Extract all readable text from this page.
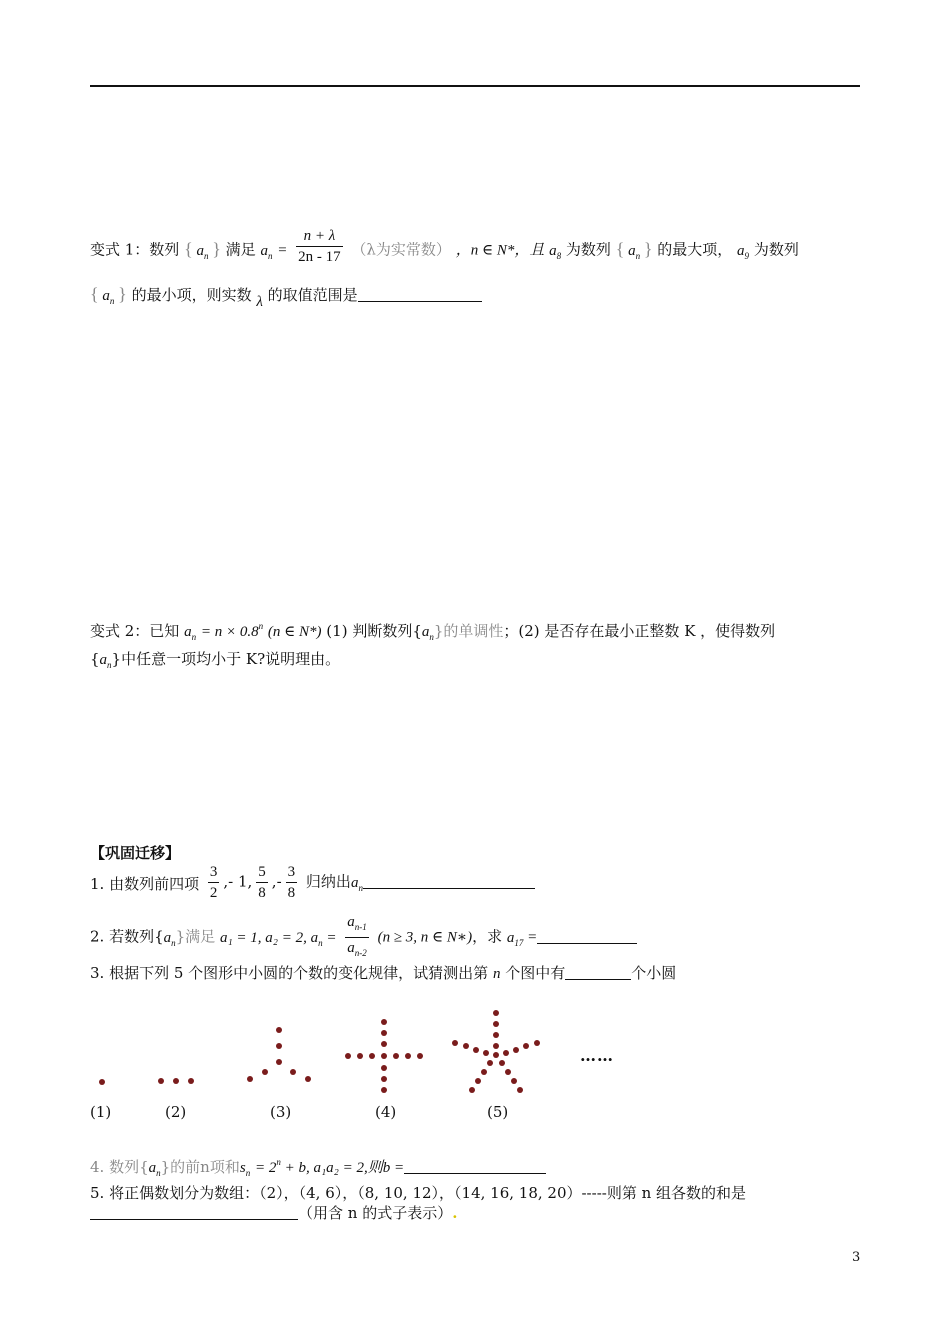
变式 1：数列 { $a_n$ } 满足 $a_n = \frac{n + \lambda}{2n - 17} (\lambda$为实常数） ，n ∈ N*，且 $a_8$ 为数列 { $a_n$ } 的最大项， $a_9$ 为数列
{ $a_n$ } 的最小项，则实数 λ 的取值范围是
变式 2：已知 $a_n = n \times 0.8^n$ (n ∈ N*) (1) 判断数列$\{a_n\}$的单调性；(2) 是否存在最小正整数 K ，使得数列
$\{a_n\}$中任意一项均小于 K?说明理由。
【巩固迁移】
1. 由数列前四项 $\frac{3}{2}$ ,- 1, $\frac{5}{8}$ ,- $\frac{3}{8}$ 归纳出$a_n$
2. 若数列$\{a_n\}$满足 a₁ = 1, a₂ = 2, $a_n = \frac{a_{n-1}}{a_{n-2}} (n \ge 3$, n ∈ N∗)，求 $a_{17}$ =
3. 根据下列 5 个图形中小圆的个数的变化规律，试猜测出第 n 个图中有	个小圆
……
(1)	(2)	(3)	(4)	(5)
4. 数列$\{a_n\}$的前n项和$s_n = 2^n + b$, a₁a₂ = 2,则b =
5. 将正偶数划分为数组：（2），（4, 6），（8, 10, 12），（14, 16, 18, 20）-----则第 n 组各数的和是
（用含 n 的式子表示）.
3
